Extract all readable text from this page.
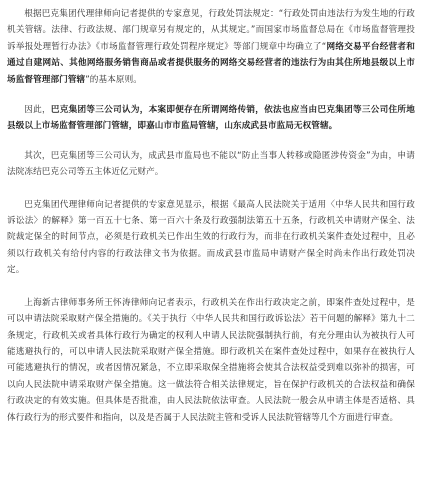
根据巴克集团代理律师向记者提供的专家意见，行政处罚法规定：“行政处罚由违法行为发生地的行政机关管辖。法律、行政法规、部门规章另有规定的，从其规定。”而国家市场监督总局在《市场监督管理投诉举报处理暂行办法》《市场监督管理行政处罚程序规定》等部门规章中均确立了“网络交易平台经营者和通过自建网站、其他网络服务销售商品或者提供服务的网络交易经营者的违法行为由其住所地县级以上市场监督管理部门管辖”的基本原则。

因此，巴克集团等三公司认为，本案即便存在所谓网络传销，依法也应当由巴克集团等三公司住所地县级以上市场监督管理部门管辖，即嘉山市市监局管辖，山东成武县市监局无权管辖。

其次，巴克集团等三公司认为，成武县市监局也不能以“防止当事人转移或隐匿涉传资金”为由，申请法院冻结巴克公司等五主体近亿元财产。

巴克集团代理律师向记者提供的专家意见显示，根据《最高人民法院关于适用〈中华人民共和国行政诉讼法〉的解释》第一百五十七条、第一百六十条及行政强制法第五十五条，行政机关申请财产保全、法院裁定保全的时间节点，必须是行政机关已作出生效的行政行为，而非在行政机关案件查处过程中，且必须以行政机关有给付内容的行政法律文书为依据。而成武县市监局申请财产保全时尚未作出行政处罚决定。

上海新古律师事务所王怀涛律师向记者表示，行政机关在作出行政决定之前，即案件查处过程中，是可以申请法院采取财产保全措施的。《关于执行〈中华人民共和国行政诉讼法〉若干问题的解释》第九十二条规定，行政机关或者具体行政行为确定的权利人申请人民法院强制执行前，有充分理由认为被执行人可能逃避执行的，可以申请人民法院采取财产保全措施。即行政机关在案件查处过程中，如果存在被执行人可能逃避执行的情况，或者因情况紧急，不立即采取保全措施将会使其合法权益受到难以弥补的损害，可以向人民法院申请采取财产保全措施。这一做法符合相关法律规定，旨在保护行政机关的合法权益和确保行政决定的有效实施。但具体是否批准，由人民法院依法审查。人民法院一般会从申请主体是否适格、具体行政行为的形式要件和指向，以及是否属于人民法院主管和受诉人民法院管辖等几个方面进行审查。
